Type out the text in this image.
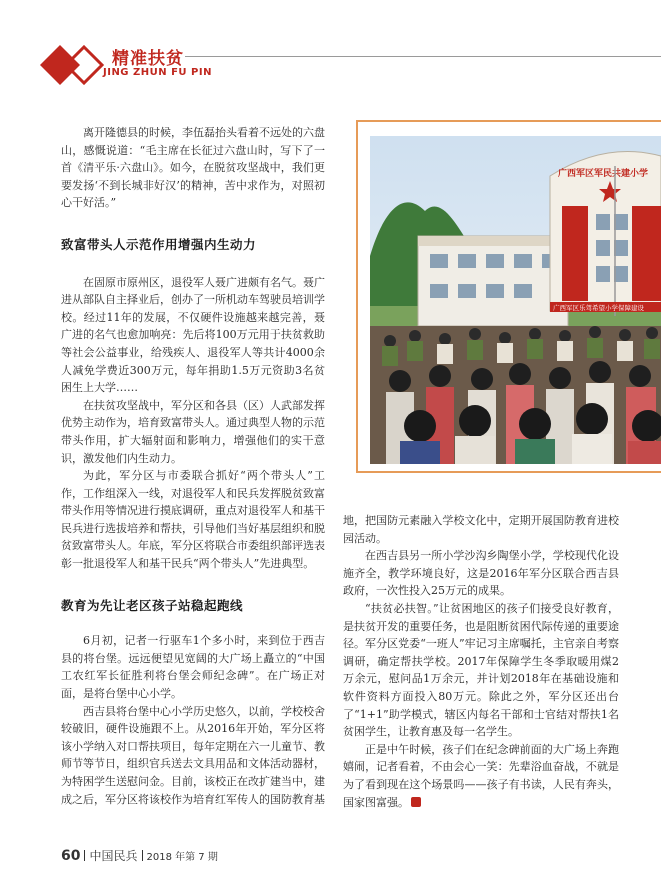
精准扶贫
JING ZHUN FU PIN

离开隆德县的时候，李伍磊抬头看着不远处的六盘山，感慨说道：“毛主席在长征过六盘山时，写下了一首《清平乐·六盘山》。如今，在脱贫攻坚战中，我们更要发扬‘不到长城非好汉’的精神，苦中求作为，对照初心干好活。”

致富带头人示范作用增强内生动力

在固原市原州区，退役军人聂广进颇有名气。聂广进从部队自主择业后，创办了一所机动车驾驶员培训学校。经过11年的发展，不仅硬件设施越来越完善，聂广进的名气也愈加响亮：先后将100万元用于扶贫救助等社会公益事业，给残疾人、退役军人等共计4000余人减免学费近300万元，每年捐助1.5万元资助3名贫困生上大学……

在扶贫攻坚战中，军分区和各县（区）人武部发挥优势主动作为，培育致富带头人。通过典型人物的示范带头作用，扩大辐射面和影响力，增强他们的实干意识，激发他们内生动力。

为此，军分区与市委联合抓好“两个带头人”工作，工作组深入一线，对退役军人和民兵发挥脱贫致富带头作用等情况进行摸底调研，重点对退役军人和基干民兵进行选拔培养和帮扶，引导他们当好基层组织和脱贫致富带头人。年底，军分区将联合市委组织部评选表彰一批退役军人和基干民兵“两个带头人”先进典型。

教育为先让老区孩子站稳起跑线

6月初，记者一行驱车1个多小时，来到位于西吉县的将台堡。远远便望见宽阔的大广场上矗立的“中国工农红军长征胜利将台堡会师纪念碑”。在广场正对面，是将台堡中心小学。

西吉县将台堡中心小学历史悠久，以前，学校校舍较破旧，硬件设施跟不上。从2016年开始，军分区将该小学纳入对口帮扶项目，每年定期在六一儿童节、教师节等节日，组织官兵送去文具用品和文体活动器材，为特困学生送慰问金。目前，该校正在改扩建当中，建成之后，军分区将该校作为培育红军传人的国防教育基

广西军区军民共建小学
广西军区乐驾希望小学保障建设

地，把国防元素融入学校文化中，定期开展国防教育进校园活动。

在西吉县另一所小学沙沟乡陶堡小学，学校现代化设施齐全，教学环境良好，这是2016年军分区联合西吉县政府，一次性投入25万元的成果。

“扶贫必扶智。”让贫困地区的孩子们接受良好教育，是扶贫开发的重要任务，也是阻断贫困代际传递的重要途径。军分区党委“一班人”牢记习主席嘱托，主官亲自考察调研，确定帮扶学校。2017年保障学生冬季取暖用煤2万余元，慰问品1万余元，并计划2018年在基础设施和软件资料方面投入80万元。除此之外，军分区还出台了“1+1”助学模式，辖区内每名干部和士官结对帮扶1名贫困学生，让教育惠及每一名学生。

正是中午时候，孩子们在纪念碑前面的大广场上奔跑嬉闹，记者看着，不由会心一笑：先辈浴血奋战，不就是为了看到现在这个场景吗——孩子有书读，人民有奔头，国家图富强。

60 中国民兵 2018 年第 7 期
